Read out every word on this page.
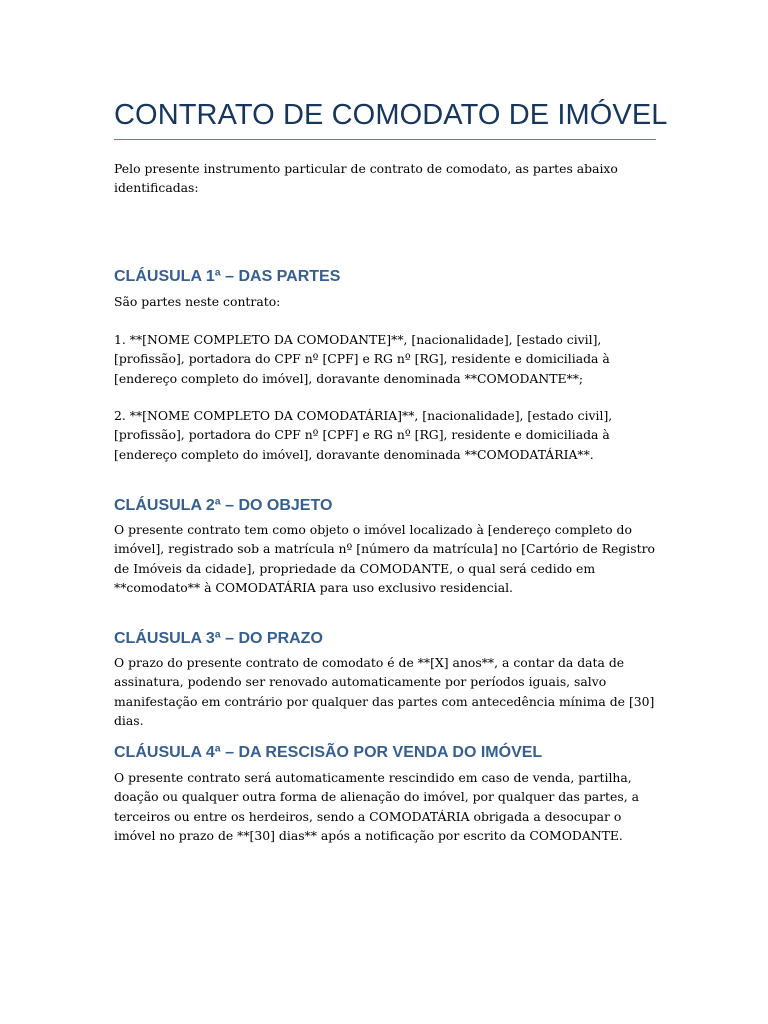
CONTRATO DE COMODATO DE IMÓVEL

Pelo presente instrumento particular de contrato de comodato, as partes abaixo identificadas:

CLÁUSULA 1ª – DAS PARTES

São partes neste contrato:

1. **[NOME COMPLETO DA COMODANTE]**, [nacionalidade], [estado civil], [profissão], portadora do CPF nº [CPF] e RG nº [RG], residente e domiciliada à [endereço completo do imóvel], doravante denominada **COMODANTE**;

2. **[NOME COMPLETO DA COMODATÁRIA]**, [nacionalidade], [estado civil], [profissão], portadora do CPF nº [CPF] e RG nº [RG], residente e domiciliada à [endereço completo do imóvel], doravante denominada **COMODATÁRIA**.

CLÁUSULA 2ª – DO OBJETO

O presente contrato tem como objeto o imóvel localizado à [endereço completo do imóvel], registrado sob a matrícula nº [número da matrícula] no [Cartório de Registro de Imóveis da cidade], propriedade da COMODANTE, o qual será cedido em **comodato** à COMODATÁRIA para uso exclusivo residencial.

CLÁUSULA 3ª – DO PRAZO

O prazo do presente contrato de comodato é de **[X] anos**, a contar da data de assinatura, podendo ser renovado automaticamente por períodos iguais, salvo manifestação em contrário por qualquer das partes com antecedência mínima de [30] dias.

CLÁUSULA 4ª – DA RESCISÃO POR VENDA DO IMÓVEL

O presente contrato será automaticamente rescindido em caso de venda, partilha, doação ou qualquer outra forma de alienação do imóvel, por qualquer das partes, a terceiros ou entre os herdeiros, sendo a COMODATÁRIA obrigada a desocupar o imóvel no prazo de **[30] dias** após a notificação por escrito da COMODANTE.
